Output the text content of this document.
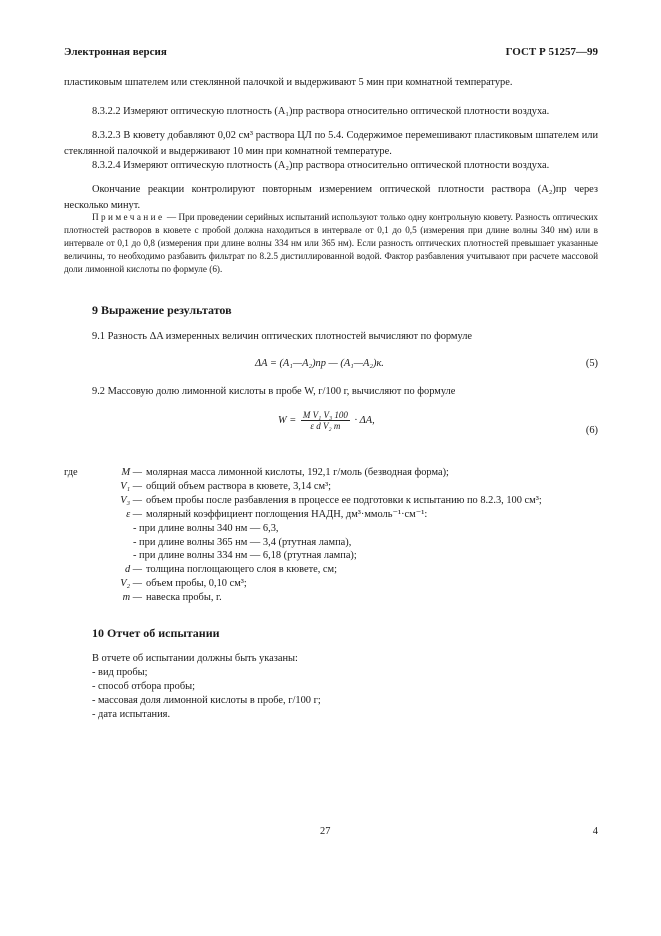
Электронная версия	ГОСТ Р 51257—99
пластиковым шпателем или стеклянной палочкой и выдерживают 5 мин при комнатной температуре.
8.3.2.2 Измеряют оптическую плотность (A₁)пр раствора относительно оптической плотности воздуха.
8.3.2.3 В кювету добавляют 0,02 см³ раствора ЦЛ по 5.4. Содержимое перемешивают пластиковым шпателем или стеклянной палочкой и выдерживают 10 мин при комнатной температуре.
8.3.2.4 Измеряют оптическую плотность (A₂)пр раствора относительно оптической плотности воздуха.
Окончание реакции контролируют повторным измерением оптической плотности раствора (A₂)пр через несколько минут.
Примечание — При проведении серийных испытаний используют только одну контрольную кювету. Разность оптических плотностей растворов в кювете с пробой должна находиться в интервале от 0,1 до 0,5 (измерения при длине волны 340 нм) или в интервале от 0,1 до 0,8 (измерения при длине волны 334 нм или 365 нм). Если разность оптических плотностей превышает указанные величины, то необходимо разбавить фильтрат по 8.2.5 дистиллированной водой. Фактор разбавления учитывают при расчете массовой доли лимонной кислоты по формуле (6).
9 Выражение результатов
9.1 Разность ΔA измеренных величин оптических плотностей вычисляют по формуле
ΔA = (A₁—A₂)пр — (A₁—A₂)к.	(5)
9.2 Массовую долю лимонной кислоты в пробе W, г/100 г, вычисляют по формуле
$W = \frac{\text{M V₁ V₃ 100}}{\text{ε d V₂ m}} \cdot \Delta A$,
(6)
где	M — молярная масса лимонной кислоты, 192,1 г/моль (безводная форма);
V₁ — общий объем раствора в кювете, 3,14 см³;
V₃ — объем пробы после разбавления в процессе ее подготовки к испытанию по 8.2.3, 100 см³;
ε — молярный коэффициент поглощения НАДН, дм³·ммоль⁻¹·см⁻¹:
- при длине волны 340 нм — 6,3,
- при длине волны 365 нм — 3,4 (ртутная лампа),
- при длине волны 334 нм — 6,18 (ртутная лампа);
d — толщина поглощающего слоя в кювете, см;
V₂ — объем пробы, 0,10 см³;
m — навеска пробы, г.
10 Отчет об испытании
В отчете об испытании должны быть указаны:
- вид пробы;
- способ отбора пробы;
- массовая доля лимонной кислоты в пробе, г/100 г;
- дата испытания.
27	4
